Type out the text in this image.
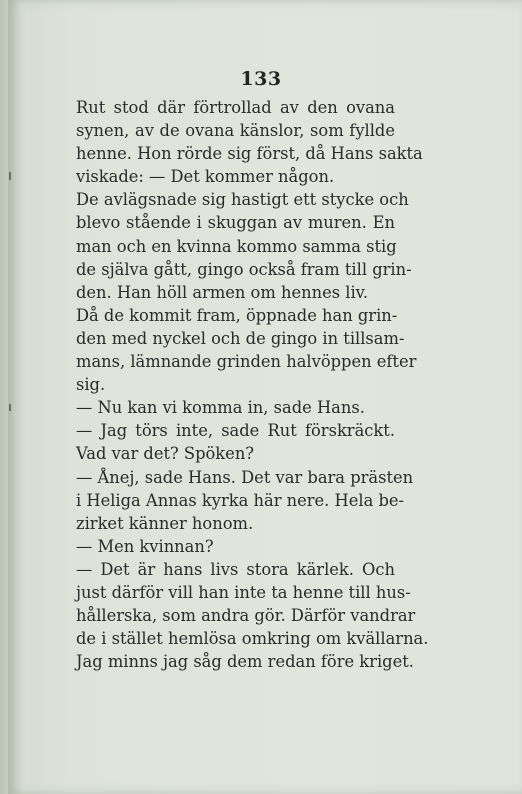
133
Rut stod där förtrollad av den ovana
synen, av de ovana känslor, som fyllde
henne. Hon rörde sig först, då Hans sakta
viskade: — Det kommer någon.
De avlägsnade sig hastigt ett stycke och
blevo stående i skuggan av muren. En
man och en kvinna kommo samma stig
de själva gått, gingo också fram till grin-
den. Han höll armen om hennes liv.
Då de kommit fram, öppnade han grin-
den med nyckel och de gingo in tillsam-
mans, lämnande grinden halvöppen efter
sig.
— Nu kan vi komma in, sade Hans.
— Jag törs inte, sade Rut förskräckt.
Vad var det? Spöken?
— Ånej, sade Hans. Det var bara prästen
i Heliga Annas kyrka här nere. Hela be-
zirket känner honom.
— Men kvinnan?
— Det är hans livs stora kärlek. Och
just därför vill han inte ta henne till hus-
hållerska, som andra gör. Därför vandrar
de i stället hemlösa omkring om kvällarna.
Jag minns jag såg dem redan före kriget.
